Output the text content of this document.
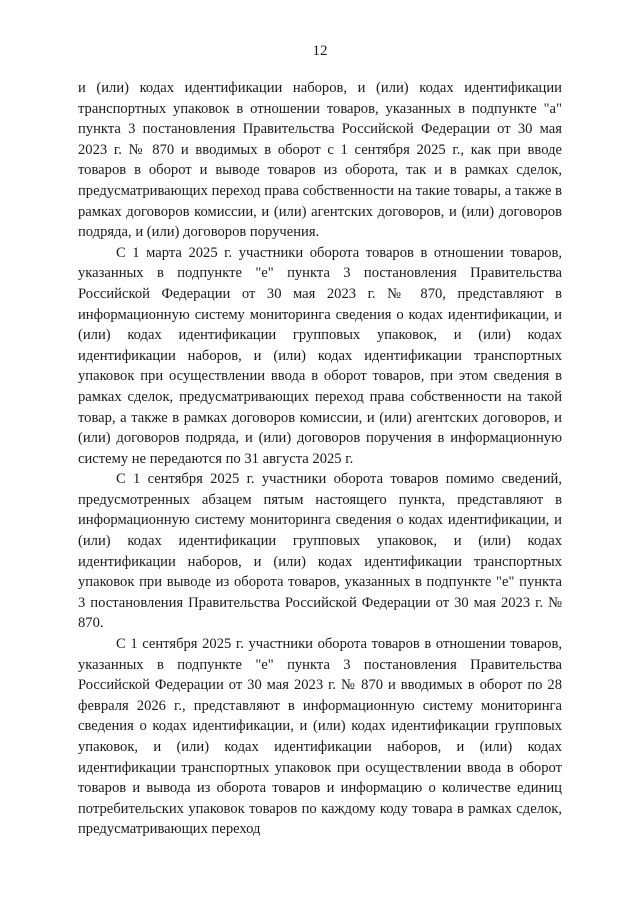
12

и (или) кодах идентификации наборов, и (или) кодах идентификации транспортных упаковок в отношении товаров, указанных в подпункте "а" пункта 3 постановления Правительства Российской Федерации от 30 мая 2023 г. № 870 и вводимых в оборот с 1 сентября 2025 г., как при вводе товаров в оборот и выводе товаров из оборота, так и в рамках сделок, предусматривающих переход права собственности на такие товары, а также в рамках договоров комиссии, и (или) агентских договоров, и (или) договоров подряда, и (или) договоров поручения.

С 1 марта 2025 г. участники оборота товаров в отношении товаров, указанных в подпункте "е" пункта 3 постановления Правительства Российской Федерации от 30 мая 2023 г. № 870, представляют в информационную систему мониторинга сведения о кодах идентификации, и (или) кодах идентификации групповых упаковок, и (или) кодах идентификации наборов, и (или) кодах идентификации транспортных упаковок при осуществлении ввода в оборот товаров, при этом сведения в рамках сделок, предусматривающих переход права собственности на такой товар, а также в рамках договоров комиссии, и (или) агентских договоров, и (или) договоров подряда, и (или) договоров поручения в информационную систему не передаются по 31 августа 2025 г.

С 1 сентября 2025 г. участники оборота товаров помимо сведений, предусмотренных абзацем пятым настоящего пункта, представляют в информационную систему мониторинга сведения о кодах идентификации, и (или) кодах идентификации групповых упаковок, и (или) кодах идентификации наборов, и (или) кодах идентификации транспортных упаковок при выводе из оборота товаров, указанных в подпункте "е" пункта 3 постановления Правительства Российской Федерации от 30 мая 2023 г. № 870.

С 1 сентября 2025 г. участники оборота товаров в отношении товаров, указанных в подпункте "е" пункта 3 постановления Правительства Российской Федерации от 30 мая 2023 г. № 870 и вводимых в оборот по 28 февраля 2026 г., представляют в информационную систему мониторинга сведения о кодах идентификации, и (или) кодах идентификации групповых упаковок, и (или) кодах идентификации наборов, и (или) кодах идентификации транспортных упаковок при осуществлении ввода в оборот товаров и вывода из оборота товаров и информацию о количестве единиц потребительских упаковок товаров по каждому коду товара в рамках сделок, предусматривающих переход
